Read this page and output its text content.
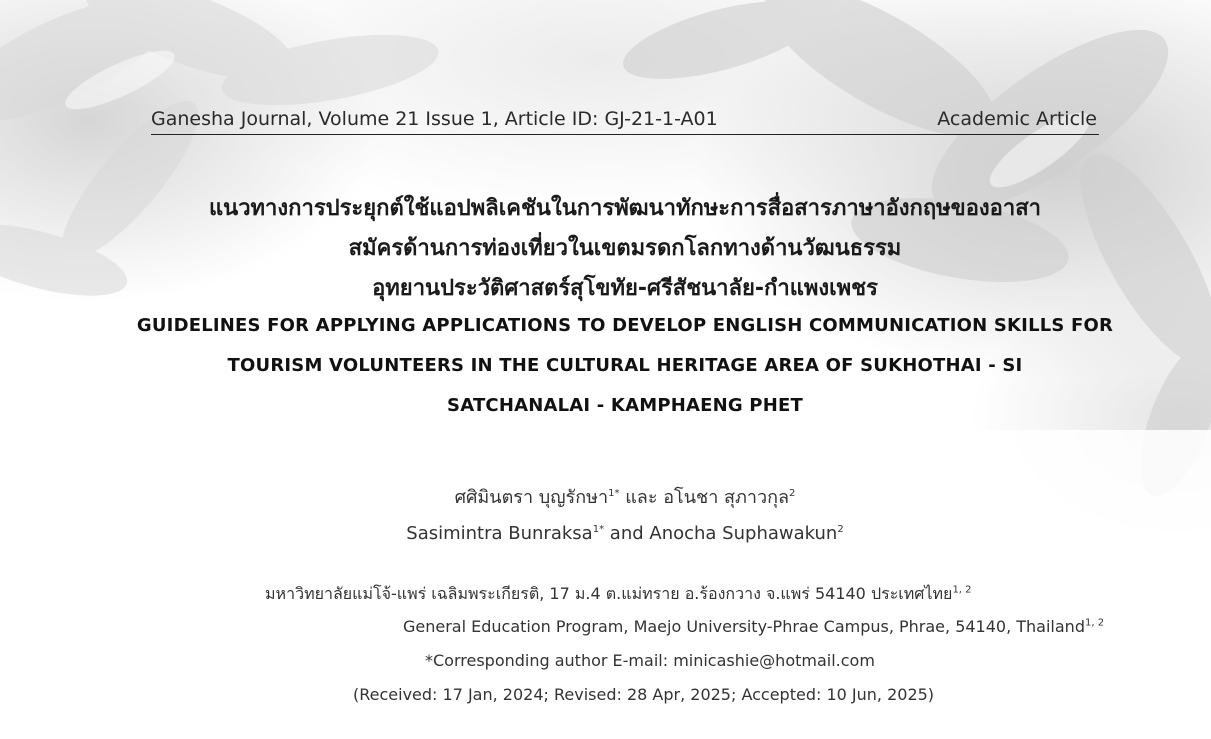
Ganesha Journal, Volume 21 Issue 1, Article ID: GJ-21-1-A01	Academic Article
แนวทางการประยุกต์ใช้แอปพลิเคชันในการพัฒนาทักษะการสื่อสารภาษาอังกฤษของอาสา
สมัครด้านการท่องเที่ยวในเขตมรดกโลกทางด้านวัฒนธรรม
อุทยานประวัติศาสตร์สุโขทัย-ศรีสัชนาลัย-กำแพงเพชร
GUIDELINES FOR APPLYING APPLICATIONS TO DEVELOP ENGLISH COMMUNICATION SKILLS FOR
TOURISM VOLUNTEERS IN THE CULTURAL HERITAGE AREA OF SUKHOTHAI - SI
SATCHANALAI - KAMPHAENG PHET
ศศิมินตรา บุญรักษา$^{1*}$ และ อโนชา สุภาวกุล$^2$
Sasimintra Bunraksa$^{1*}$ and Anocha Suphawakun$^2$
มหาวิทยาลัยแม่โจ้-แพร่ เฉลิมพระเกียรติ, 17 ม.4 ต.แม่ทราย อ.ร้องกวาง จ.แพร่ 54140 ประเทศไทย$^{1, 2}$
General Education Program, Maejo University-Phrae Campus, Phrae, 54140, Thailand$^{1, 2}$
*Corresponding author E-mail: minicashie@hotmail.com
(Received: 17 Jan, 2024; Revised: 28 Apr, 2025; Accepted: 10 Jun, 2025)
